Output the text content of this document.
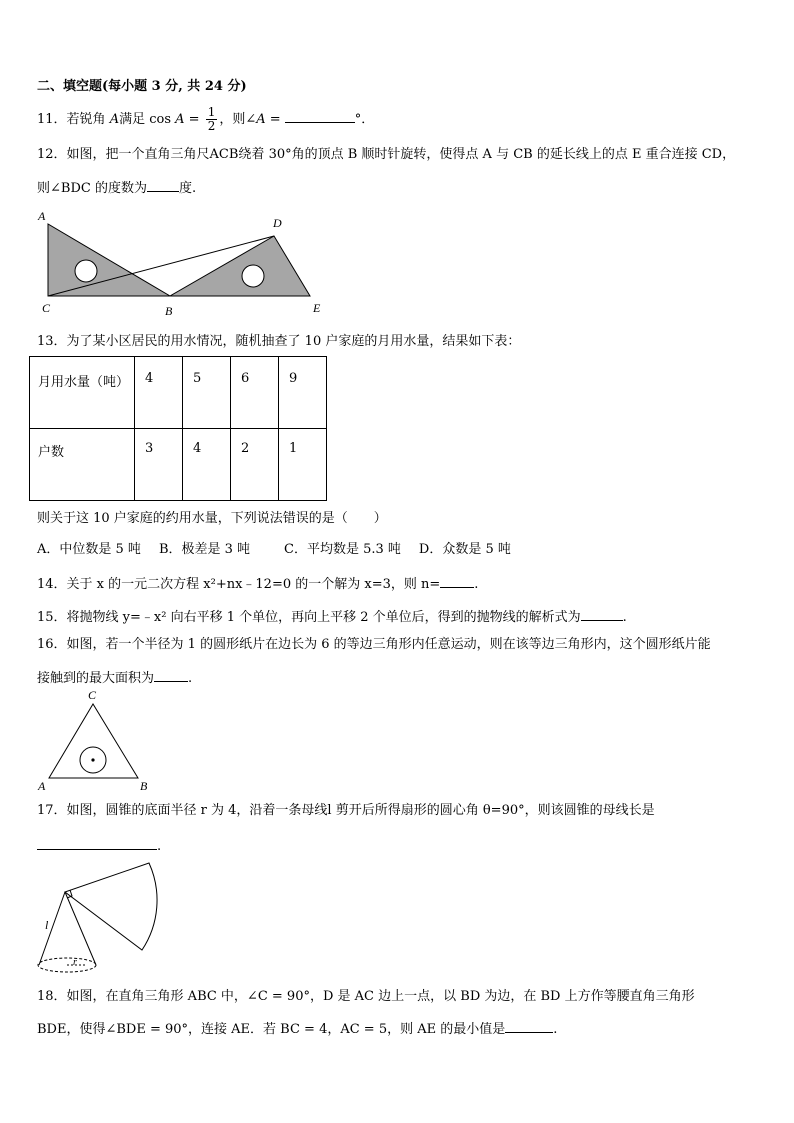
二、填空题(每小题 3 分, 共 24 分)
11．若锐角 A满足 $\cos A = \frac{1}{2}$ ，则∠A =	°．
12．如图，把一个直角三角尺ACB绕着 30°角的顶点 B 顺时针旋转，使得点 A 与 CB 的延长线上的点 E 重合连接 CD，
则∠BDC 的度数为 度.
A
C	B
D
E
13．为了某小区居民的用水情况，随机抽查了 10 户家庭的月用水量，结果如下表：
月用水量（吨）	4	5	6	9
户数	3	4	2	1
则关于这 10 户家庭的约用水量，下列说法错误的是（　　）
A．中位数是 5 吨 B．极差是 3 吨	C．平均数是 5.3 吨 D．众数是 5 吨
14．关于 x 的一元二次方程 x²+nx﹣12=0 的一个解为 x=3，则 n=	.
15．将抛物线 y=﹣x² 向右平移 1 个单位，再向上平移 2 个单位后，得到的抛物线的解析式为	.
16．如图，若一个半径为 1 的圆形纸片在边长为 6 的等边三角形内任意运动，则在该等边三角形内，这个圆形纸片能
接触到的最大面积为	.
C
A	B
17．如图，圆锥的底面半径 r 为 4，沿着一条母线l 剪开后所得扇形的圆心角 θ=90°，则该圆锥的母线长是
.
l
r
18．如图，在直角三角形 ABC 中，∠C = 90°，D 是 AC 边上一点，以 BD 为边，在 BD 上方作等腰直角三角形
BDE，使得∠BDE = 90°，连接 AE．若 BC = 4，AC = 5，则 AE 的最小值是	.
